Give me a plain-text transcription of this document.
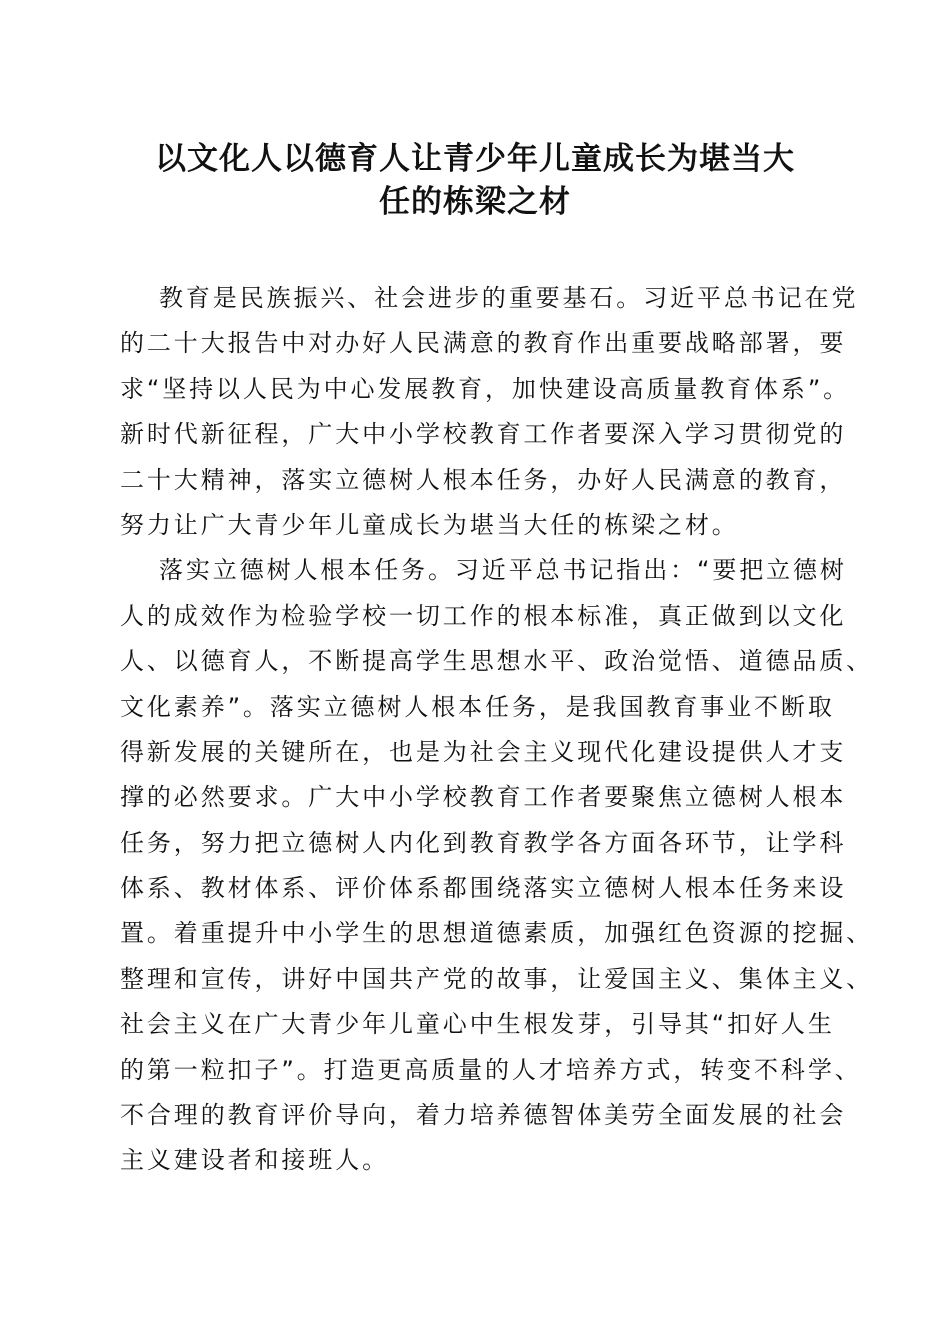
以文化人以德育人让青少年儿童成长为堪当大
任的栋梁之材
教育是民族振兴、社会进步的重要基石。习近平总书记在党
的二十大报告中对办好人民满意的教育作出重要战略部署，要
求“坚持以人民为中心发展教育，加快建设高质量教育体系”。
新时代新征程，广大中小学校教育工作者要深入学习贯彻党的
二十大精神，落实立德树人根本任务，办好人民满意的教育，
努力让广大青少年儿童成长为堪当大任的栋梁之材。
落实立德树人根本任务。习近平总书记指出：“要把立德树
人的成效作为检验学校一切工作的根本标准，真正做到以文化
人、以德育人，不断提高学生思想水平、政治觉悟、道德品质、
文化素养”。落实立德树人根本任务，是我国教育事业不断取
得新发展的关键所在，也是为社会主义现代化建设提供人才支
撑的必然要求。广大中小学校教育工作者要聚焦立德树人根本
任务，努力把立德树人内化到教育教学各方面各环节，让学科
体系、教材体系、评价体系都围绕落实立德树人根本任务来设
置。着重提升中小学生的思想道德素质，加强红色资源的挖掘、
整理和宣传，讲好中国共产党的故事，让爱国主义、集体主义、
社会主义在广大青少年儿童心中生根发芽，引导其“扣好人生
的第一粒扣子”。打造更高质量的人才培养方式，转变不科学、
不合理的教育评价导向，着力培养德智体美劳全面发展的社会
主义建设者和接班人。
